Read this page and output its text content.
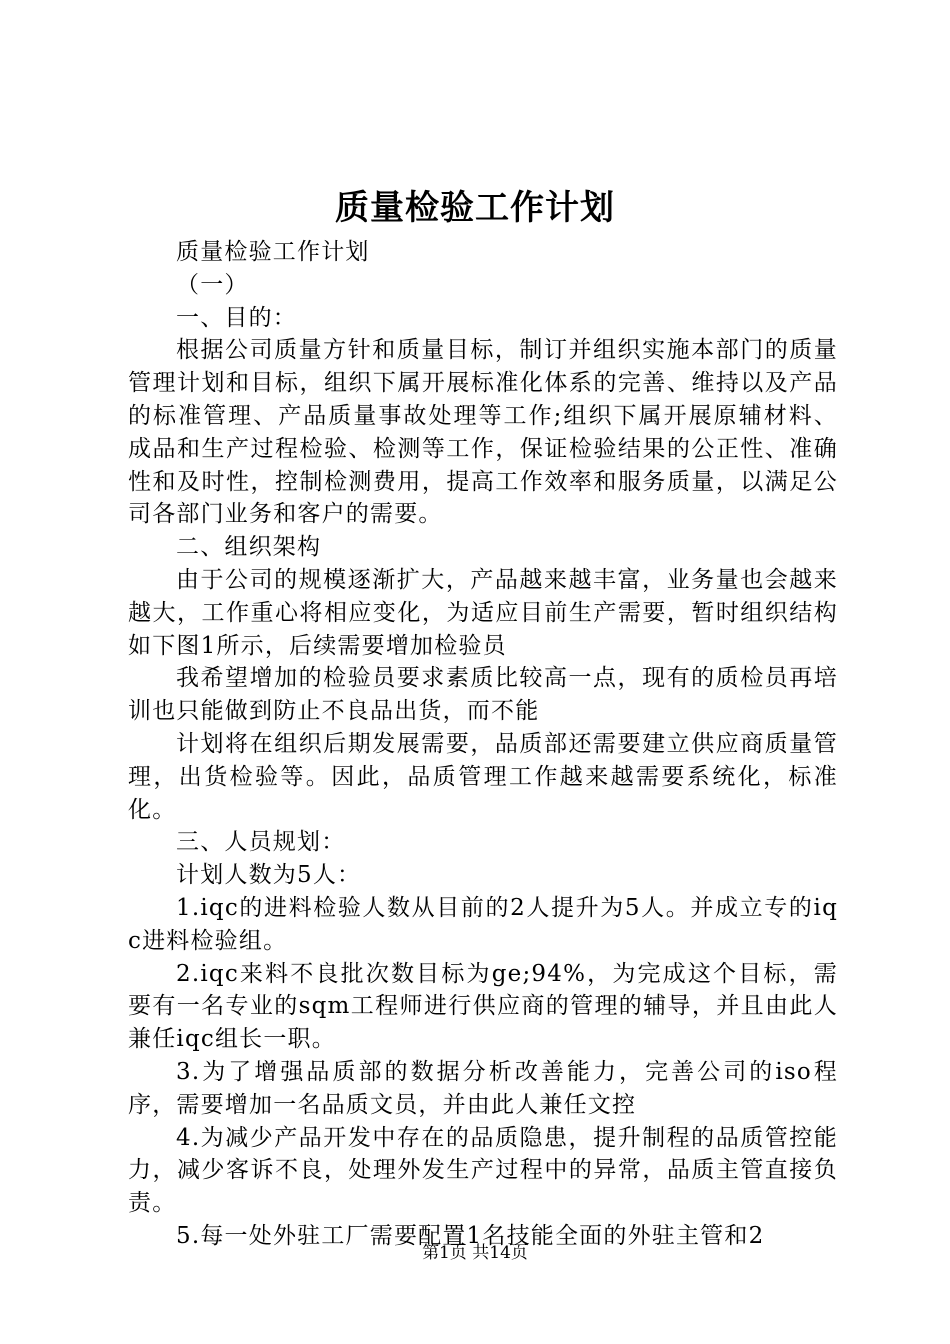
质量检验工作计划

质量检验工作计划

（一）

一、目的：

根据公司质量方针和质量目标，制订并组织实施本部门的质量管理计划和目标，组织下属开展标准化体系的完善、维持以及产品的标准管理、产品质量事故处理等工作;组织下属开展原辅材料、成品和生产过程检验、检测等工作，保证检验结果的公正性、准确性和及时性，控制检测费用，提高工作效率和服务质量，以满足公司各部门业务和客户的需要。

二、组织架构

由于公司的规模逐渐扩大，产品越来越丰富，业务量也会越来越大，工作重心将相应变化，为适应目前生产需要，暂时组织结构如下图1所示，后续需要增加检验员

我希望增加的检验员要求素质比较高一点，现有的质检员再培训也只能做到防止不良品出货，而不能

计划将在组织后期发展需要，品质部还需要建立供应商质量管理，出货检验等。因此，品质管理工作越来越需要系统化，标准化。

三、人员规划：

计划人数为5人：

1.iqc的进料检验人数从目前的2人提升为5人。并成立专的iqc进料检验组。

2.iqc来料不良批次数目标为ge;94%，为完成这个目标，需要有一名专业的sqm工程师进行供应商的管理的辅导，并且由此人兼任iqc组长一职。

3.为了增强品质部的数据分析改善能力，完善公司的iso程序，需要增加一名品质文员，并由此人兼任文控

4.为减少产品开发中存在的品质隐患，提升制程的品质管控能力，减少客诉不良，处理外发生产过程中的异常，品质主管直接负责。

5.每一处外驻工厂需要配置1名技能全面的外驻主管和2

第1页 共14页
